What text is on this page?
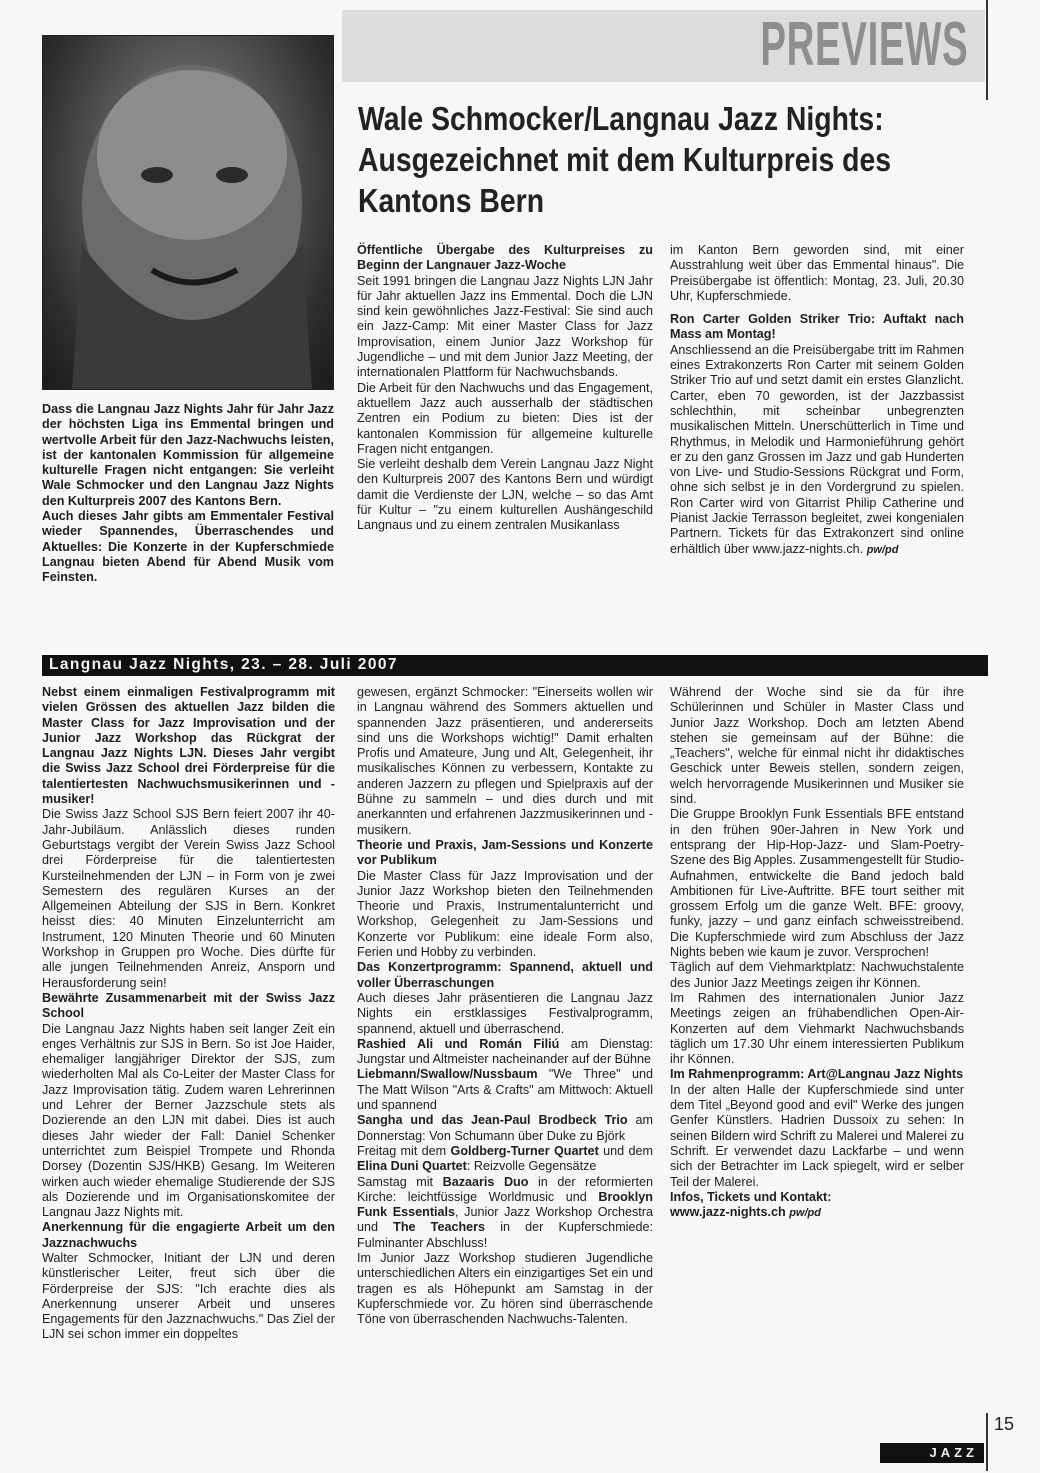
PREVIEWS
Wale Schmocker/Langnau Jazz Nights: Ausgezeichnet mit dem Kulturpreis des Kantons Bern

Dass die Langnau Jazz Nights Jahr für Jahr Jazz der höchsten Liga ins Emmental bringen und wertvolle Arbeit für den Jazz-Nachwuchs leisten, ist der kantonalen Kommission für allgemeine kulturelle Fragen nicht entgangen: Sie verleiht Wale Schmocker und den Langnau Jazz Nights den Kulturpreis 2007 des Kantons Bern.

Auch dieses Jahr gibts am Emmentaler Festival wieder Spannendes, Überraschendes und Aktuelles: Die Konzerte in der Kupferschmiede Langnau bieten Abend für Abend Musik vom Feinsten.

Öffentliche Übergabe des Kulturpreises zu Beginn der Langnauer Jazz-Woche

Seit 1991 bringen die Langnau Jazz Nights LJN Jahr für Jahr aktuellen Jazz ins Emmental. Doch die LJN sind kein gewöhnliches Jazz-Festival: Sie sind auch ein Jazz-Camp: Mit einer Master Class for Jazz Improvisation, einem Junior Jazz Workshop für Jugendliche – und mit dem Junior Jazz Meeting, der internationalen Plattform für Nachwuchsbands.

Die Arbeit für den Nachwuchs und das Engagement, aktuellem Jazz auch ausserhalb der städtischen Zentren ein Podium zu bieten: Dies ist der kantonalen Kommission für allgemeine kulturelle Fragen nicht entgangen.

Sie verleiht deshalb dem Verein Langnau Jazz Night den Kulturpreis 2007 des Kantons Bern und würdigt damit die Verdienste der LJN, welche – so das Amt für Kultur – "zu einem kulturellen Aushängeschild Langnaus und zu einem zentralen Musikanlass

im Kanton Bern geworden sind, mit einer Ausstrahlung weit über das Emmental hinaus". Die Preisübergabe ist öffentlich: Montag, 23. Juli, 20.30 Uhr, Kupferschmiede.

Ron Carter Golden Striker Trio: Auftakt nach Mass am Montag!

Anschliessend an die Preisübergabe tritt im Rahmen eines Extrakonzerts Ron Carter mit seinem Golden Striker Trio auf und setzt damit ein erstes Glanzlicht. Carter, eben 70 geworden, ist der Jazzbassist schlechthin, mit scheinbar unbegrenzten musikalischen Mitteln. Unerschütterlich in Time und Rhythmus, in Melodik und Harmonieführung gehört er zu den ganz Grossen im Jazz und gab Hunderten von Live- und Studio-Sessions Rückgrat und Form, ohne sich selbst je in den Vordergrund zu spielen. Ron Carter wird von Gitarrist Philip Catherine und Pianist Jackie Terrasson begleitet, zwei kongenialen Partnern. Tickets für das Extrakonzert sind online erhältlich über www.jazz-nights.ch. pw/pd

Langnau Jazz Nights, 23. – 28. Juli 2007

Nebst einem einmaligen Festivalprogramm mit vielen Grössen des aktuellen Jazz bilden die Master Class for Jazz Improvisation und der Junior Jazz Workshop das Rückgrat der Langnau Jazz Nights LJN. Dieses Jahr vergibt die Swiss Jazz School drei Förderpreise für die talentiertesten Nachwuchsmusikerinnen und -musiker!

Die Swiss Jazz School SJS Bern feiert 2007 ihr 40-Jahr-Jubiläum. Anlässlich dieses runden Geburtstags vergibt der Verein Swiss Jazz School drei Förderpreise für die talentiertesten Kursteilnehmenden der LJN – in Form von je zwei Semestern des regulären Kurses an der Allgemeinen Abteilung der SJS in Bern. Konkret heisst dies: 40 Minuten Einzelunterricht am Instrument, 120 Minuten Theorie und 60 Minuten Workshop in Gruppen pro Woche. Dies dürfte für alle jungen Teilnehmenden Anreiz, Ansporn und Herausforderung sein!

Bewährte Zusammenarbeit mit der Swiss Jazz School

Die Langnau Jazz Nights haben seit langer Zeit ein enges Verhältnis zur SJS in Bern. So ist Joe Haider, ehemaliger langjähriger Direktor der SJS, zum wiederholten Mal als Co-Leiter der Master Class for Jazz Improvisation tätig. Zudem waren Lehrerinnen und Lehrer der Berner Jazzschule stets als Dozierende an den LJN mit dabei. Dies ist auch dieses Jahr wieder der Fall: Daniel Schenker unterrichtet zum Beispiel Trompete und Rhonda Dorsey (Dozentin SJS/HKB) Gesang. Im Weiteren wirken auch wieder ehemalige Studierende der SJS als Dozierende und im Organisationskomitee der Langnau Jazz Nights mit.

Anerkennung für die engagierte Arbeit um den Jazznachwuchs

Walter Schmocker, Initiant der LJN und deren künstlerischer Leiter, freut sich über die Förderpreise der SJS: "Ich erachte dies als Anerkennung unserer Arbeit und unseres Engagements für den Jazznachwuchs." Das Ziel der LJN sei schon immer ein doppeltes

gewesen, ergänzt Schmocker: "Einerseits wollen wir in Langnau während des Sommers aktuellen und spannenden Jazz präsentieren, und andererseits sind uns die Workshops wichtig!" Damit erhalten Profis und Amateure, Jung und Alt, Gelegenheit, ihr musikalisches Können zu verbessern, Kontakte zu anderen Jazzern zu pflegen und Spielpraxis auf der Bühne zu sammeln – und dies durch und mit anerkannten und erfahrenen Jazzmusikerinnen und -musikern.

Theorie und Praxis, Jam-Sessions und Konzerte vor Publikum

Die Master Class für Jazz Improvisation und der Junior Jazz Workshop bieten den Teilnehmenden Theorie und Praxis, Instrumentalunterricht und Workshop, Gelegenheit zu Jam-Sessions und Konzerte vor Publikum: eine ideale Form also, Ferien und Hobby zu verbinden.

Das Konzertprogramm: Spannend, aktuell und voller Überraschungen

Auch dieses Jahr präsentieren die Langnau Jazz Nights ein erstklassiges Festivalprogramm, spannend, aktuell und überraschend.

Rashied Ali und Román Filiú am Dienstag: Jungstar und Altmeister nacheinander auf der Bühne

Liebmann/Swallow/Nussbaum "We Three" und The Matt Wilson "Arts & Crafts" am Mittwoch: Aktuell und spannend

Sangha und das Jean-Paul Brodbeck Trio am Donnerstag: Von Schumann über Duke zu Björk

Freitag mit dem Goldberg-Turner Quartet und dem Elina Duni Quartet: Reizvolle Gegensätze

Samstag mit Bazaaris Duo in der reformierten Kirche: leichtfüssige Worldmusic und Brooklyn Funk Essentials, Junior Jazz Workshop Orchestra und The Teachers in der Kupferschmiede: Fulminanter Abschluss!

Im Junior Jazz Workshop studieren Jugendliche unterschiedlichen Alters ein einzigartiges Set ein und tragen es als Höhepunkt am Samstag in der Kupferschmiede vor. Zu hören sind überraschende Töne von überraschenden Nachwuchs-Talenten.

Während der Woche sind sie da für ihre Schülerinnen und Schüler in Master Class und Junior Jazz Workshop. Doch am letzten Abend stehen sie gemeinsam auf der Bühne: die „Teachers", welche für einmal nicht ihr didaktisches Geschick unter Beweis stellen, sondern zeigen, welch hervorragende Musikerinnen und Musiker sie sind.

Die Gruppe Brooklyn Funk Essentials BFE entstand in den frühen 90er-Jahren in New York und entsprang der Hip-Hop-Jazz- und Slam-Poetry-Szene des Big Apples. Zusammengestellt für Studio-Aufnahmen, entwickelte die Band jedoch bald Ambitionen für Live-Auftritte. BFE tourt seither mit grossem Erfolg um die ganze Welt. BFE: groovy, funky, jazzy – und ganz einfach schweisstreibend. Die Kupferschmiede wird zum Abschluss der Jazz Nights beben wie kaum je zuvor. Versprochen!

Täglich auf dem Viehmarktplatz: Nachwuchstalente des Junior Jazz Meetings zeigen ihr Können.

Im Rahmen des internationalen Junior Jazz Meetings zeigen an frühabendlichen Open-Air-Konzerten auf dem Viehmarkt Nachwuchsbands täglich um 17.30 Uhr einem interessierten Publikum ihr Können.

Im Rahmenprogramm: Art@Langnau Jazz Nights

In der alten Halle der Kupferschmiede sind unter dem Titel „Beyond good and evil" Werke des jungen Genfer Künstlers. Hadrien Dussoix zu sehen: In seinen Bildern wird Schrift zu Malerei und Malerei zu Schrift. Er verwendet dazu Lackfarbe – und wenn sich der Betrachter im Lack spiegelt, wird er selber Teil der Malerei.

Infos, Tickets und Kontakt:

www.jazz-nights.ch pw/pd

15
JAZZ
